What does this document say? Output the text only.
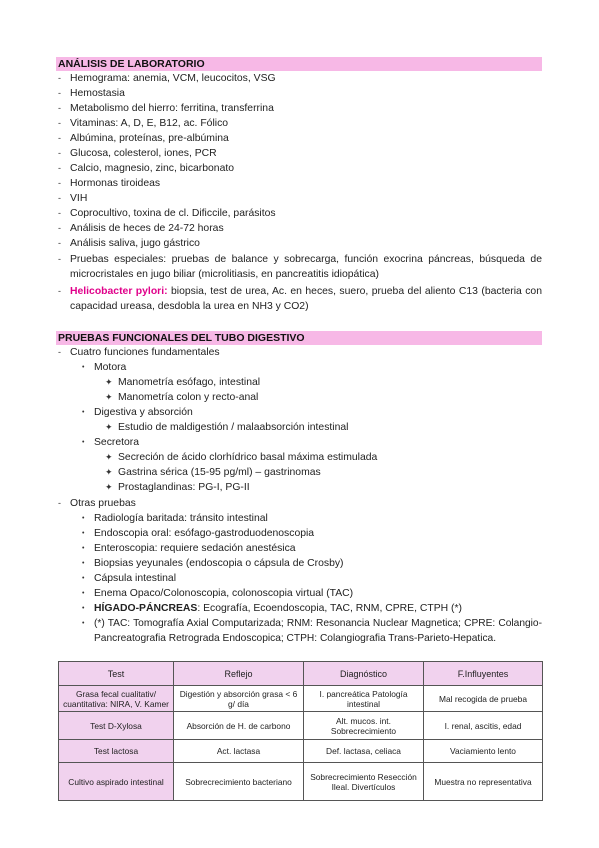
ANÁLISIS DE LABORATORIO
- Hemograma: anemia, VCM, leucocitos, VSG
- Hemostasia
- Metabolismo del hierro: ferritina, transferrina
- Vitaminas: A, D, E, B12, ac. Fólico
- Albúmina, proteínas, pre-albúmina
- Glucosa, colesterol, iones, PCR
- Calcio, magnesio, zinc, bicarbonato
- Hormonas tiroideas
- VIH
- Coprocultivo, toxina de cl. Dificcile, parásitos
- Análisis de heces de 24-72 horas
- Análisis saliva, jugo gástrico
- Pruebas especiales: pruebas de balance y sobrecarga, función exocrina páncreas, búsqueda de microcristales en jugo biliar (microlitiasis, en pancreatitis idiopática)
- Helicobacter pylori: biopsia, test de urea, Ac. en heces, suero, prueba del aliento C13 (bacteria con capacidad ureasa, desdobla la urea en NH3 y CO2)
PRUEBAS FUNCIONALES DEL TUBO DIGESTIVO
- Cuatro funciones fundamentales
• Motora
✦ Manometría esófago, intestinal
✦ Manometría colon y recto-anal
• Digestiva y absorción
✦ Estudio de maldigestión / malaabsorción intestinal
• Secretora
✦ Secreción de ácido clorhídrico basal máxima estimulada
✦ Gastrina sérica (15-95 pg/ml) – gastrinomas
✦ Prostaglandinas: PG-I, PG-II
- Otras pruebas
• Radiología baritada: tránsito intestinal
• Endoscopia oral: esófago-gastroduodenoscopia
• Enteroscopia: requiere sedación anestésica
• Biopsias yeyunales (endoscopia o cápsula de Crosby)
• Cápsula intestinal
• Enema Opaco/Colonoscopia, colonoscopia virtual (TAC)
• HÍGADO-PÁNCREAS: Ecografía, Ecoendoscopia, TAC, RNM, CPRE, CTPH (*)
• (*) TAC: Tomografía Axial Computarizada; RNM: Resonancia Nuclear Magnetica; CPRE: Colangio-Pancreatografia Retrograda Endoscopica; CTPH: Colangiografia Trans-Parieto-Hepatica.
Test	Reflejo	Diagnóstico	F.Influyentes
Grasa fecal cualitativ/ cuantitativa: NIRA, V. Kamer	Digestión y absorción grasa < 6 g/ día	I. pancreática Patología intestinal	Mal recogida de prueba
Test D-Xylosa	Absorción de H. de carbono	Alt. mucos. int. Sobrecrecimiento	I. renal, ascitis, edad
Test lactosa	Act. lactasa	Def. lactasa, celiaca	Vaciamiento lento
Cultivo aspirado intestinal	Sobrecrecimiento bacteriano	Sobrecrecimiento Resección Ileal. Divertículos	Muestra no representativa
